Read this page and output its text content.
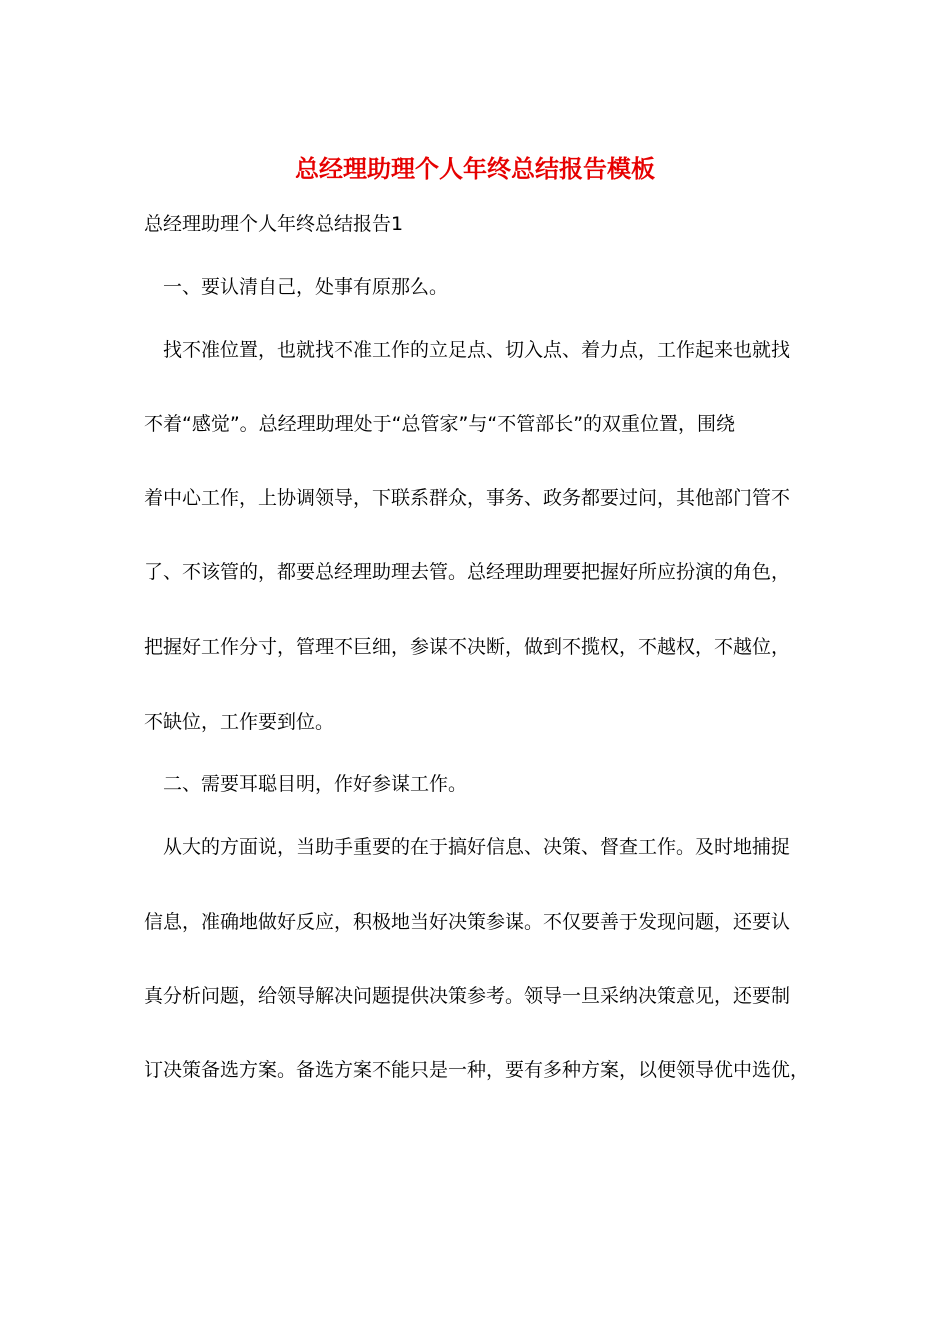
总经理助理个人年终总结报告模板
总经理助理个人年终总结报告1
一、要认清自己，处事有原那么。
找不准位置，也就找不准工作的立足点、切入点、着力点，工作起来也就找
不着“感觉”。总经理助理处于“总管家”与“不管部长”的双重位置，围绕
着中心工作，上协调领导，下联系群众，事务、政务都要过问，其他部门管不
了、不该管的，都要总经理助理去管。总经理助理要把握好所应扮演的角色，
把握好工作分寸，管理不巨细，参谋不决断，做到不揽权，不越权，不越位，
不缺位，工作要到位。
二、需要耳聪目明，作好参谋工作。
从大的方面说，当助手重要的在于搞好信息、决策、督查工作。及时地捕捉
信息，准确地做好反应，积极地当好决策参谋。不仅要善于发现问题，还要认
真分析问题，给领导解决问题提供决策参考。领导一旦采纳决策意见，还要制
订决策备选方案。备选方案不能只是一种，要有多种方案，以便领导优中选优，
